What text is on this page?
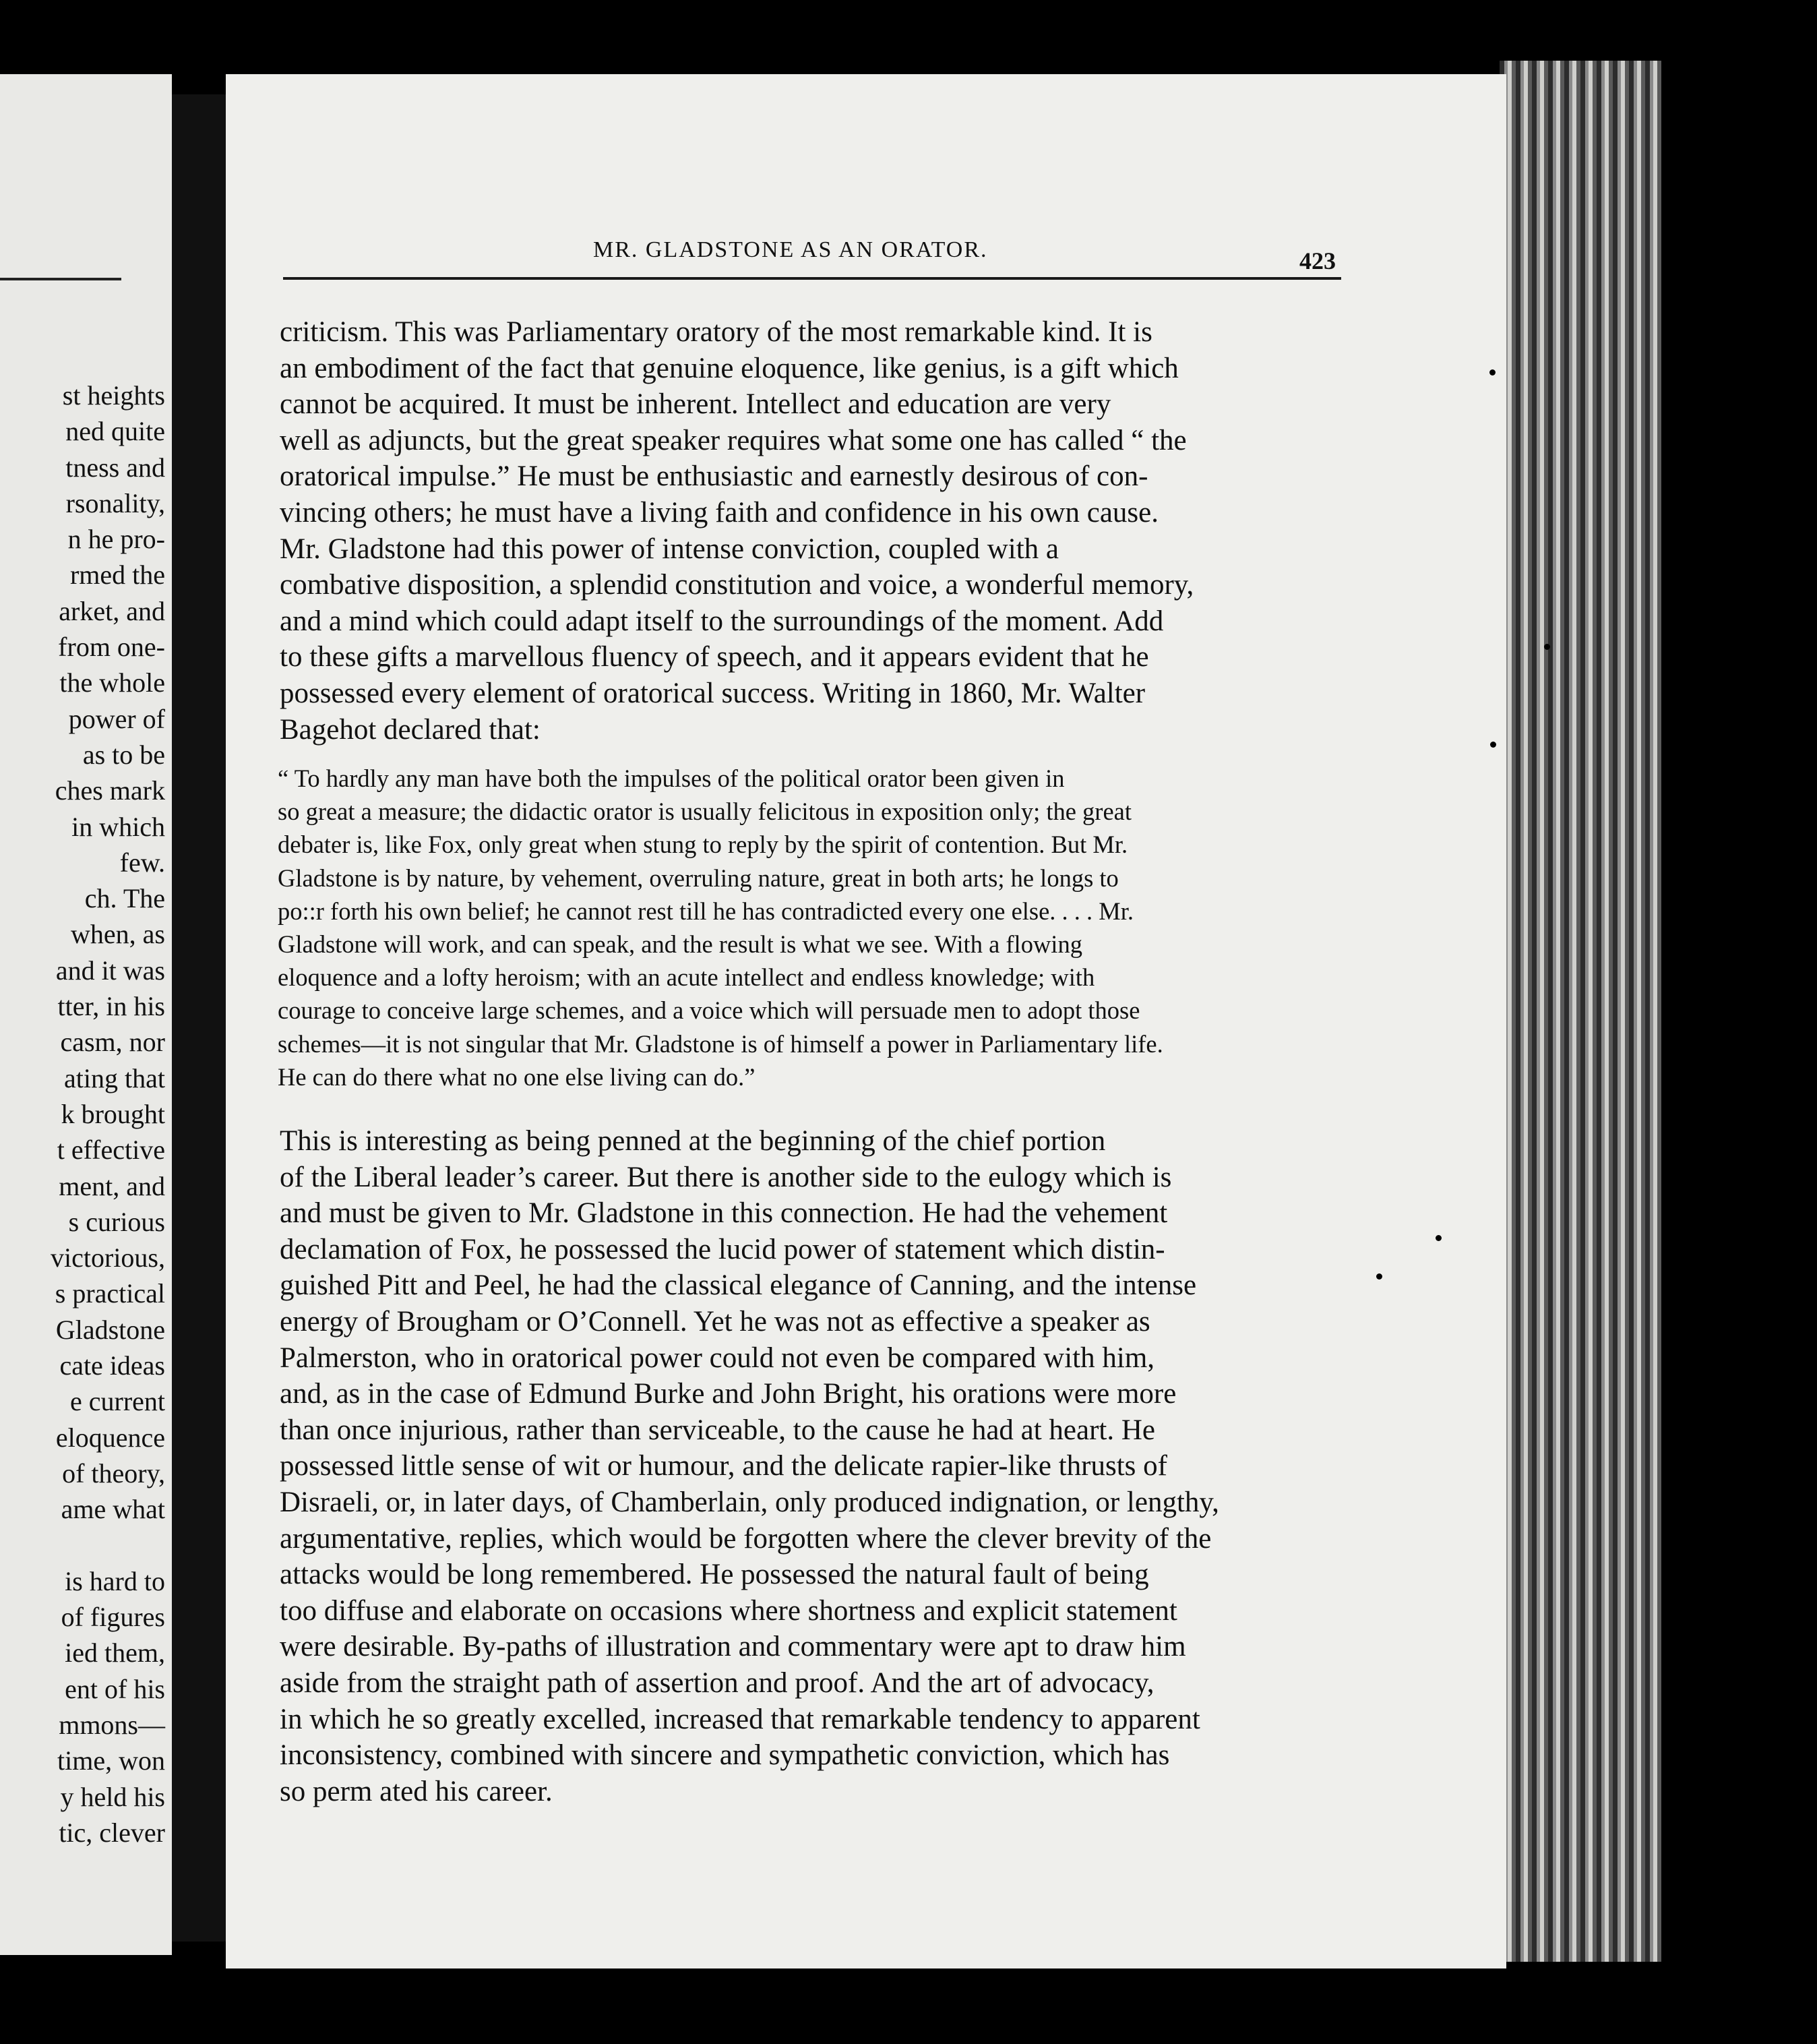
st heights
ned quite
tness and
rsonality,
n he pro-
rmed the
arket, and
from one-
the whole
power of
as to be
ches mark
in which
few.
ch. The
when, as
and it was
tter, in his
casm, nor
ating that
k brought
t effective
ment, and
s curious
victorious,
s practical
Gladstone
cate ideas
e current
eloquence
of theory,
ame what

is hard to
of figures
ied them,
ent of his
mmons—
time, won
y held his
tic, clever
MR. GLADSTONE AS AN ORATOR.	423
criticism. This was Parliamentary oratory of the most remarkable kind. It is
an embodiment of the fact that genuine eloquence, like genius, is a gift which
cannot be acquired. It must be inherent. Intellect and education are very
well as adjuncts, but the great speaker requires what some one has called “ the
oratorical impulse.” He must be enthusiastic and earnestly desirous of con-
vincing others; he must have a living faith and confidence in his own cause.
Mr. Gladstone had this power of intense conviction, coupled with a
combative disposition, a splendid constitution and voice, a wonderful memory,
and a mind which could adapt itself to the surroundings of the moment. Add
to these gifts a marvellous fluency of speech, and it appears evident that he
possessed every element of oratorical success. Writing in 1860, Mr. Walter
Bagehot declared that:
“ To hardly any man have both the impulses of the political orator been given in
so great a measure; the didactic orator is usually felicitous in exposition only; the great
debater is, like Fox, only great when stung to reply by the spirit of contention. But Mr.
Gladstone is by nature, by vehement, overruling nature, great in both arts; he longs to
po::r forth his own belief; he cannot rest till he has contradicted every one else. . . . Mr.
Gladstone will work, and can speak, and the result is what we see. With a flowing
eloquence and a lofty heroism; with an acute intellect and endless knowledge; with
courage to conceive large schemes, and a voice which will persuade men to adopt those
schemes—it is not singular that Mr. Gladstone is of himself a power in Parliamentary life.
He can do there what no one else living can do.”
This is interesting as being penned at the beginning of the chief portion
of the Liberal leader’s career. But there is another side to the eulogy which is
and must be given to Mr. Gladstone in this connection. He had the vehement
declamation of Fox, he possessed the lucid power of statement which distin-
guished Pitt and Peel, he had the classical elegance of Canning, and the intense
energy of Brougham or O’Connell. Yet he was not as effective a speaker as
Palmerston, who in oratorical power could not even be compared with him,
and, as in the case of Edmund Burke and John Bright, his orations were more
than once injurious, rather than serviceable, to the cause he had at heart. He
possessed little sense of wit or humour, and the delicate rapier-like thrusts of
Disraeli, or, in later days, of Chamberlain, only produced indignation, or lengthy,
argumentative, replies, which would be forgotten where the clever brevity of the
attacks would be long remembered. He possessed the natural fault of being
too diffuse and elaborate on occasions where shortness and explicit statement
were desirable. By-paths of illustration and commentary were apt to draw him
aside from the straight path of assertion and proof. And the art of advocacy,
in which he so greatly excelled, increased that remarkable tendency to apparent
inconsistency, combined with sincere and sympathetic conviction, which has
so perm ated his career.
